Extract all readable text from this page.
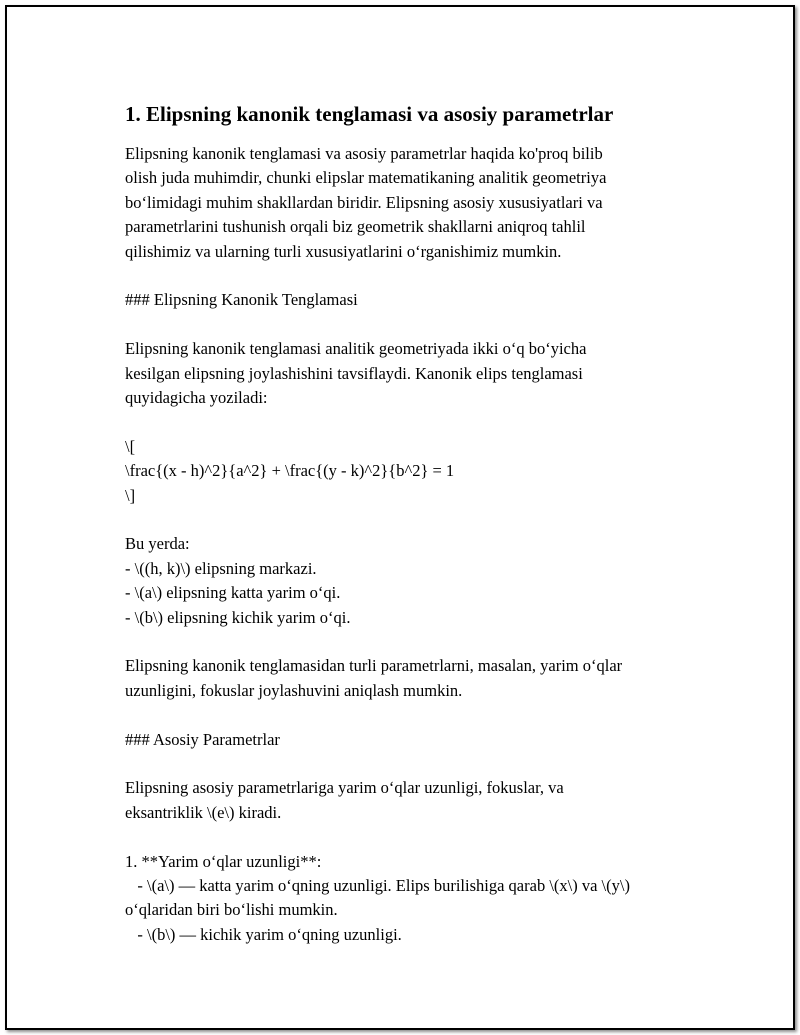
1. Elipsning kanonik tenglamasi va asosiy parametrlar
Elipsning kanonik tenglamasi va asosiy parametrlar haqida ko'proq bilib
olish juda muhimdir, chunki elipslar matematikaning analitik geometriya
bo‘limidagi muhim shakllardan biridir. Elipsning asosiy xususiyatlari va
parametrlarini tushunish orqali biz geometrik shakllarni aniqroq tahlil
qilishimiz va ularning turli xususiyatlarini o‘rganishimiz mumkin.
### Elipsning Kanonik Tenglamasi
Elipsning kanonik tenglamasi analitik geometriyada ikki o‘q bo‘yicha
kesilgan elipsning joylashishini tavsiflaydi. Kanonik elips tenglamasi
quyidagicha yoziladi:
\[
\frac{(x - h)^2}{a^2} + \frac{(y - k)^2}{b^2} = 1
\]
Bu yerda:
- \((h, k)\) elipsning markazi.
- \(a\) elipsning katta yarim o‘qi.
- \(b\) elipsning kichik yarim o‘qi.
Elipsning kanonik tenglamasidan turli parametrlarni, masalan, yarim o‘qlar
uzunligini, fokuslar joylashuvini aniqlash mumkin.
### Asosiy Parametrlar
Elipsning asosiy parametrlariga yarim o‘qlar uzunligi, fokuslar, va
eksantriklik \(e\) kiradi.
1. **Yarim o‘qlar uzunligi**:
- \(a\) — katta yarim o‘qning uzunligi. Elips burilishiga qarab \(x\) va \(y\)
o‘qlaridan biri bo‘lishi mumkin.
- \(b\) — kichik yarim o‘qning uzunligi.
